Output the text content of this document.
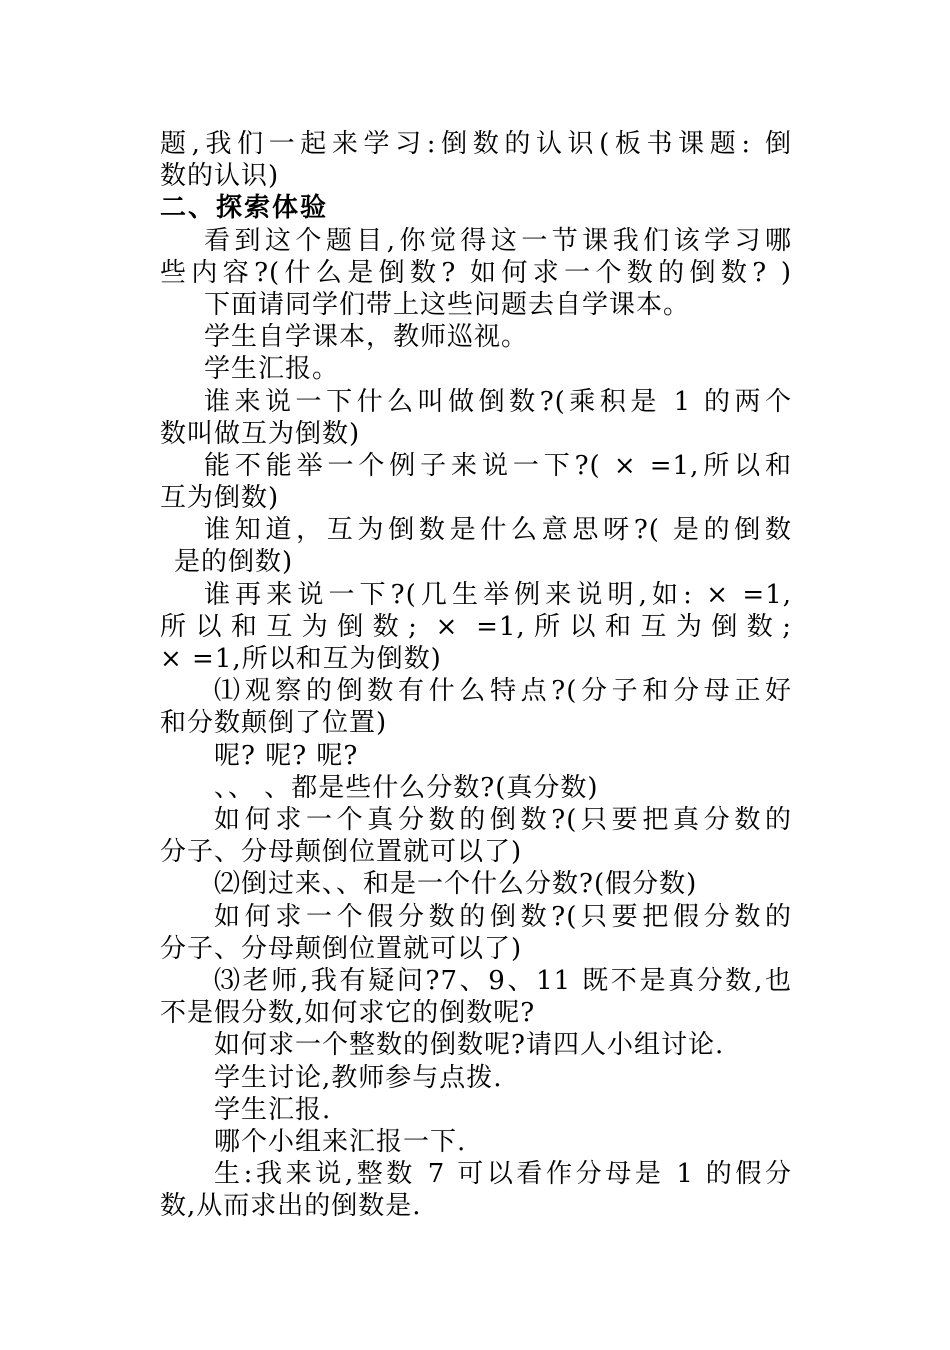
题,我们一起来学习:倒数的认识(板书课题: 倒
数的认识)
二、探索体验
看到这个题目,你觉得这一节课我们该学习哪
些内容?(什么是倒数? 如何求一个数的倒数? )
下面请同学们带上这些问题去自学课本。
学生自学课本，教师巡视。
学生汇报。
谁来说一下什么叫做倒数?(乘积是 1 的两个
数叫做互为倒数)
能不能举一个例子来说一下?( × =1,所以和
互为倒数)
谁知道，互为倒数是什么意思呀?( 是的倒数
是的倒数)
谁再来说一下?(几生举例来说明,如: × =1,
所以和互为倒数; × =1,所以和互为倒数;
× =1,所以和互为倒数)
⑴观察的倒数有什么特点?(分子和分母正好
和分数颠倒了位置)
呢? 呢? 呢?
、、 、都是些什么分数?(真分数)
如何求一个真分数的倒数?(只要把真分数的
分子、分母颠倒位置就可以了)
⑵倒过来、、和是一个什么分数?(假分数)
如何求一个假分数的倒数?(只要把假分数的
分子、分母颠倒位置就可以了)
⑶老师,我有疑问?7、9、11 既不是真分数,也
不是假分数,如何求它的倒数呢?
如何求一个整数的倒数呢?请四人小组讨论.
学生讨论,教师参与点拨.
学生汇报.
哪个小组来汇报一下.
生:我来说,整数 7 可以看作分母是 1 的假分
数,从而求出的倒数是.
